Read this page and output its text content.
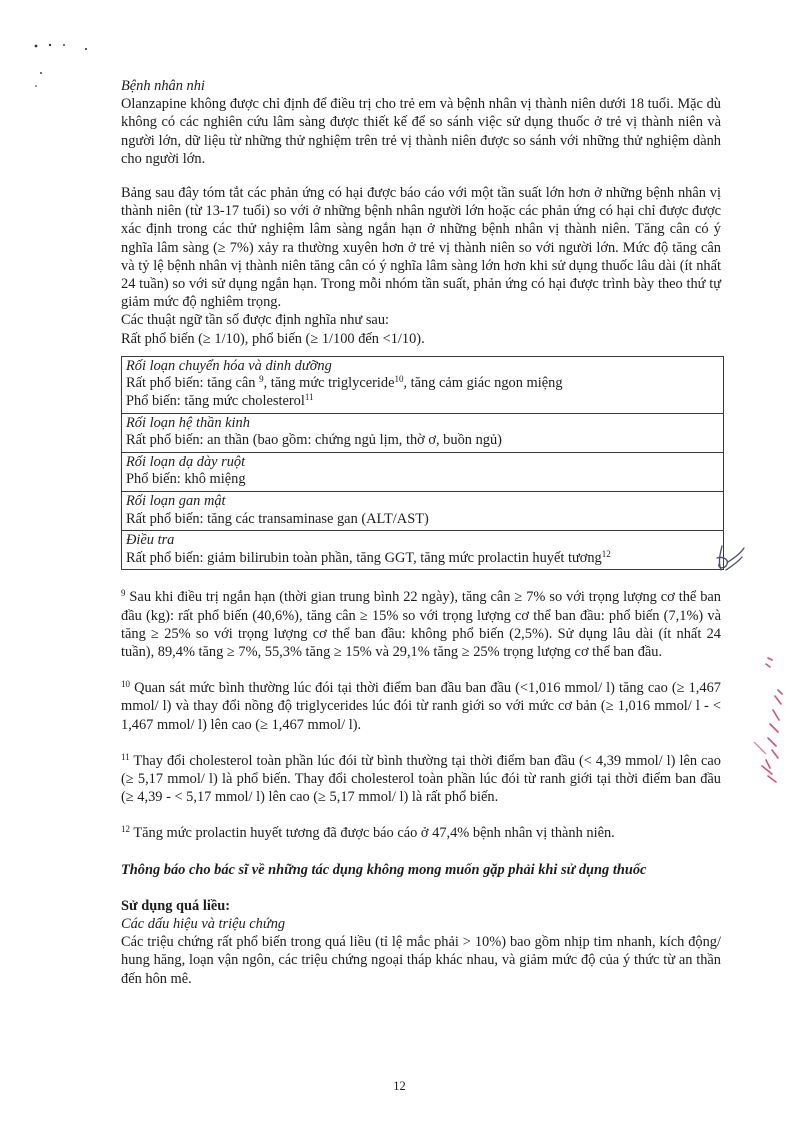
Bệnh nhân nhi

Olanzapine không được chỉ định để điều trị cho trẻ em và bệnh nhân vị thành niên dưới 18 tuổi. Mặc dù không có các nghiên cứu lâm sàng được thiết kế để so sánh việc sử dụng thuốc ở trẻ vị thành niên và người lớn, dữ liệu từ những thử nghiệm trên trẻ vị thành niên được so sánh với những thử nghiệm dành cho người lớn.

Bảng sau đây tóm tắt các phản ứng có hại được báo cáo với một tần suất lớn hơn ở những bệnh nhân vị thành niên (từ 13-17 tuổi) so với ở những bệnh nhân người lớn hoặc các phản ứng có hại chỉ được được xác định trong các thử nghiệm lâm sàng ngắn hạn ở những bệnh nhân vị thành niên. Tăng cân có ý nghĩa lâm sàng (≥ 7%) xảy ra thường xuyên hơn ở trẻ vị thành niên so với người lớn. Mức độ tăng cân và tỷ lệ bệnh nhân vị thành niên tăng cân có ý nghĩa lâm sàng lớn hơn khi sử dụng thuốc lâu dài (ít nhất 24 tuần) so với sử dụng ngắn hạn. Trong mỗi nhóm tần suất, phản ứng có hại được trình bày theo thứ tự giảm mức độ nghiêm trọng.

Các thuật ngữ tần số được định nghĩa như sau:

Rất phổ biến (≥ 1/10), phổ biến (≥ 1/100 đến <1/10).

Rối loạn chuyển hóa và dinh dưỡng
Rất phổ biến: tăng cân $^9$, tăng mức triglyceride$^{10}$, tăng cảm giác ngon miệng
Phổ biến: tăng mức cholesterol$^{11}$

Rối loạn hệ thần kinh
Rất phổ biến: an thần (bao gồm: chứng ngủ lịm, thờ ơ, buồn ngủ)

Rối loạn dạ dày ruột
Phổ biến: khô miệng

Rối loạn gan mật
Rất phổ biến: tăng các transaminase gan (ALT/AST)

Điều tra
Rất phổ biến: giảm bilirubin toàn phần, tăng GGT, tăng mức prolactin huyết tương$^{12}$

$^9$ Sau khi điều trị ngắn hạn (thời gian trung bình 22 ngày), tăng cân ≥ 7% so với trọng lượng cơ thể ban đầu (kg): rất phổ biến (40,6%), tăng cân ≥ 15% so với trọng lượng cơ thể ban đầu: phổ biến (7,1%) và tăng ≥ 25% so với trọng lượng cơ thể ban đầu: không phổ biến (2,5%). Sử dụng lâu dài (ít nhất 24 tuần), 89,4% tăng ≥ 7%, 55,3% tăng ≥ 15% và 29,1% tăng ≥ 25% trọng lượng cơ thể ban đầu.

$^{10}$ Quan sát mức bình thường lúc đói tại thời điểm ban đầu ban đầu (<1,016 mmol/ l) tăng cao (≥ 1,467 mmol/ l) và thay đổi nồng độ triglycerides lúc đói từ ranh giới so với mức cơ bản (≥ 1,016 mmol/ l - < 1,467 mmol/ l) lên cao (≥ 1,467 mmol/ l).

$^{11}$ Thay đổi cholesterol toàn phần lúc đói từ bình thường tại thời điểm ban đầu (< 4,39 mmol/ l) lên cao (≥ 5,17 mmol/ l) là phổ biến. Thay đổi cholesterol toàn phần lúc đói từ ranh giới tại thời điểm ban đầu (≥ 4,39 - < 5,17 mmol/ l) lên cao (≥ 5,17 mmol/ l) là rất phổ biến.

$^{12}$ Tăng mức prolactin huyết tương đã được báo cáo ở 47,4% bệnh nhân vị thành niên.

Thông báo cho bác sĩ về những tác dụng không mong muốn gặp phải khi sử dụng thuốc

Sử dụng quá liều:

Các dấu hiệu và triệu chứng

Các triệu chứng rất phổ biến trong quá liều (tỉ lệ mắc phải > 10%) bao gồm nhịp tim nhanh, kích động/ hung hăng, loạn vận ngôn, các triệu chứng ngoại tháp khác nhau, và giảm mức độ của ý thức từ an thần đến hôn mê.

12
